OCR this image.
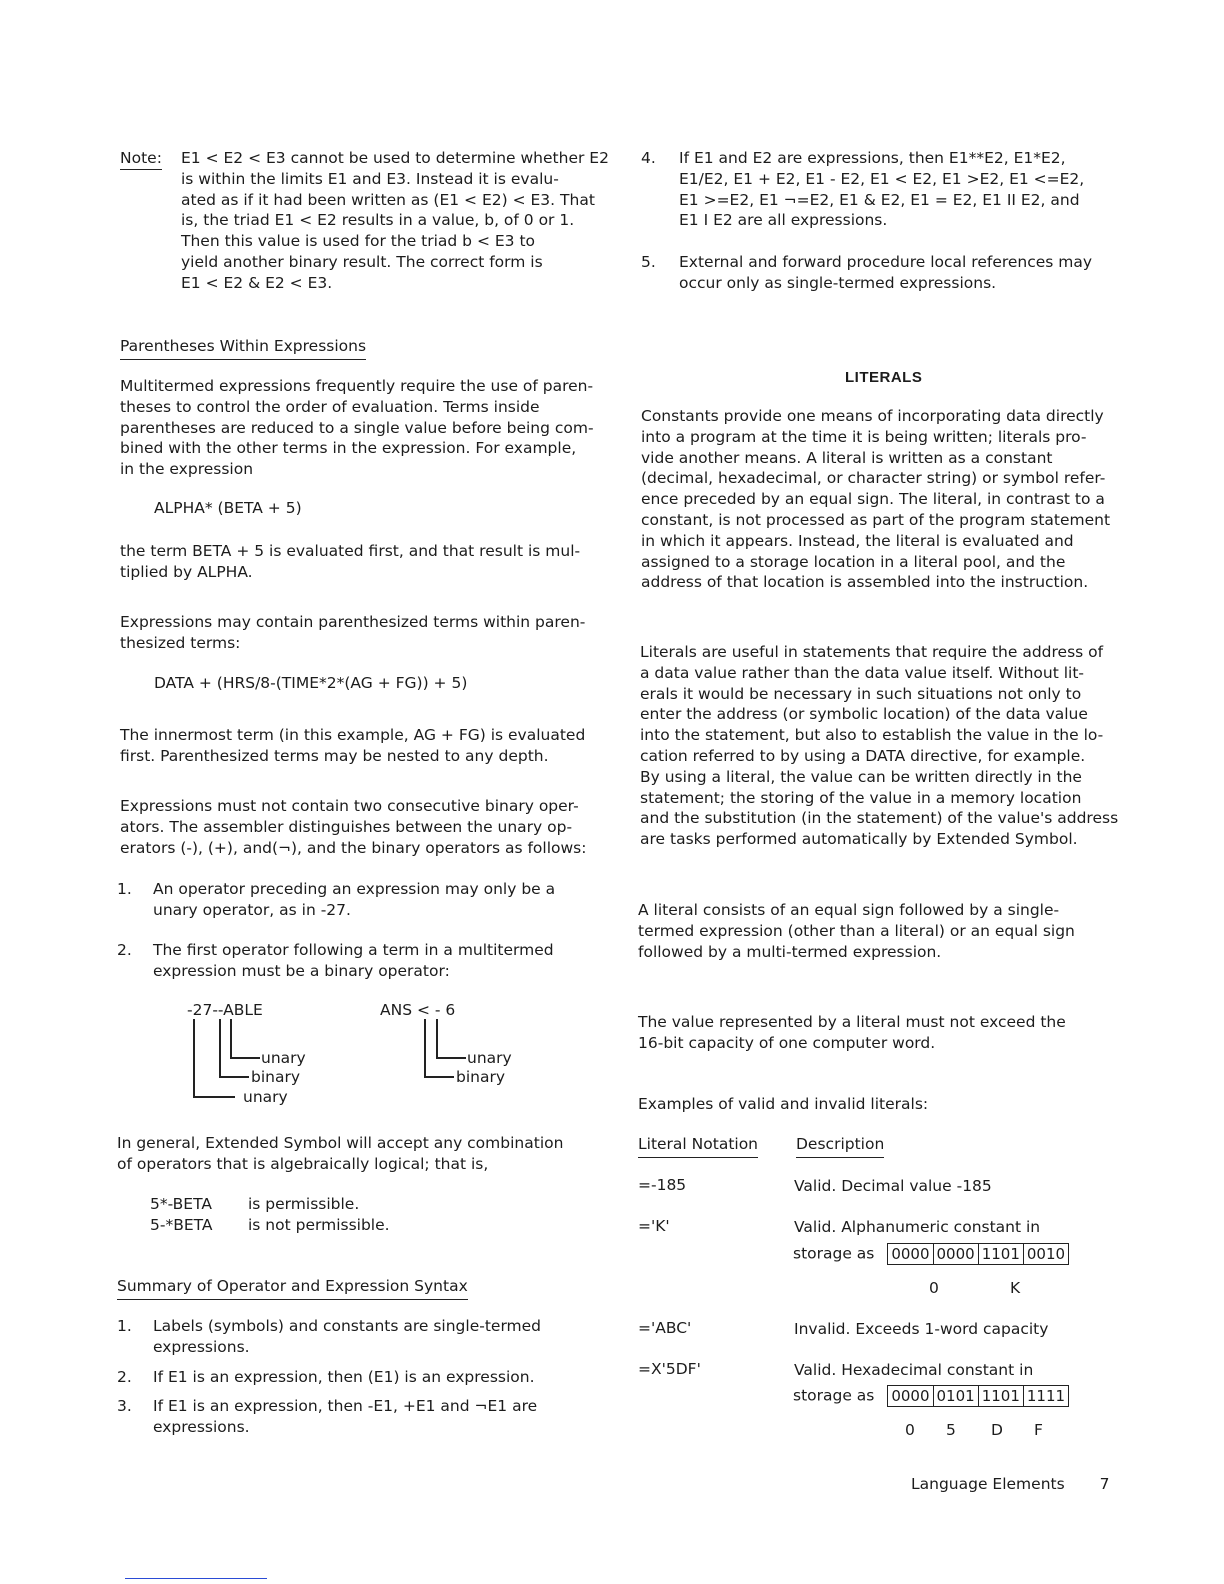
Note: E1 < E2 < E3 cannot be used to determine whether E2
is within the limits E1 and E3. Instead it is evalu-
ated as if it had been written as (E1 < E2) < E3. That
is, the triad E1 < E2 results in a value, b, of 0 or 1.
Then this value is used for the triad b < E3 to
yield another binary result. The correct form is
E1 < E2 & E2 < E3.
Parentheses Within Expressions
Multitermed expressions frequently require the use of paren-
theses to control the order of evaluation. Terms inside
parentheses are reduced to a single value before being com-
bined with the other terms in the expression. For example,
in the expression
ALPHA* (BETA + 5)
the term BETA + 5 is evaluated first, and that result is mul-
tiplied by ALPHA.
Expressions may contain parenthesized terms within paren-
thesized terms:
DATA + (HRS/8-(TIME*2*(AG + FG)) + 5)
The innermost term (in this example, AG + FG) is evaluated
first. Parenthesized terms may be nested to any depth.
Expressions must not contain two consecutive binary oper-
ators. The assembler distinguishes between the unary op-
erators (-), (+), and(¬), and the binary operators as follows:
1. An operator preceding an expression may only be a
unary operator, as in -27.
2. The first operator following a term in a multitermed
expression must be a binary operator:
-27--ABLE
unary
binary
unary
ANS < - 6
unary
binary
In general, Extended Symbol will accept any combination
of operators that is algebraically logical; that is,
5*-BETA is permissible.
5-*BETA is not permissible.
Summary of Operator and Expression Syntax
1. Labels (symbols) and constants are single-termed
expressions.
2. If E1 is an expression, then (E1) is an expression.
3. If E1 is an expression, then -E1, +E1 and ¬E1 are
expressions.
4. If E1 and E2 are expressions, then E1**E2, E1*E2,
E1/E2, E1 + E2, E1 - E2, E1 < E2, E1 >E2, E1 <=E2,
E1 >=E2, E1 ¬=E2, E1 & E2, E1 = E2, E1 II E2, and
E1 I E2 are all expressions.
5. External and forward procedure local references may
occur only as single-termed expressions.
LITERALS
Constants provide one means of incorporating data directly
into a program at the time it is being written; literals pro-
vide another means. A literal is written as a constant
(decimal, hexadecimal, or character string) or symbol refer-
ence preceded by an equal sign. The literal, in contrast to a
constant, is not processed as part of the program statement
in which it appears. Instead, the literal is evaluated and
assigned to a storage location in a literal pool, and the
address of that location is assembled into the instruction.
Literals are useful in statements that require the address of
a data value rather than the data value itself. Without lit-
erals it would be necessary in such situations not only to
enter the address (or symbolic location) of the data value
into the statement, but also to establish the value in the lo-
cation referred to by using a DATA directive, for example.
By using a literal, the value can be written directly in the
statement; the storing of the value in a memory location
and the substitution (in the statement) of the value's address
are tasks performed automatically by Extended Symbol.
A literal consists of an equal sign followed by a single-
termed expression (other than a literal) or an equal sign
followed by a multi-termed expression.
The value represented by a literal must not exceed the
16-bit capacity of one computer word.
Examples of valid and invalid literals:
Literal Notation Description
=-185	Valid. Decimal value -185
='K'	Valid. Alphanumeric constant in
storage as 0000 0000 1101 0010
0	K
='ABC'	Invalid. Exceeds 1-word capacity
=X'5DF'	Valid. Hexadecimal constant in
storage as 0000 0101 1101 1111
0 5 D F
Language Elements 7
